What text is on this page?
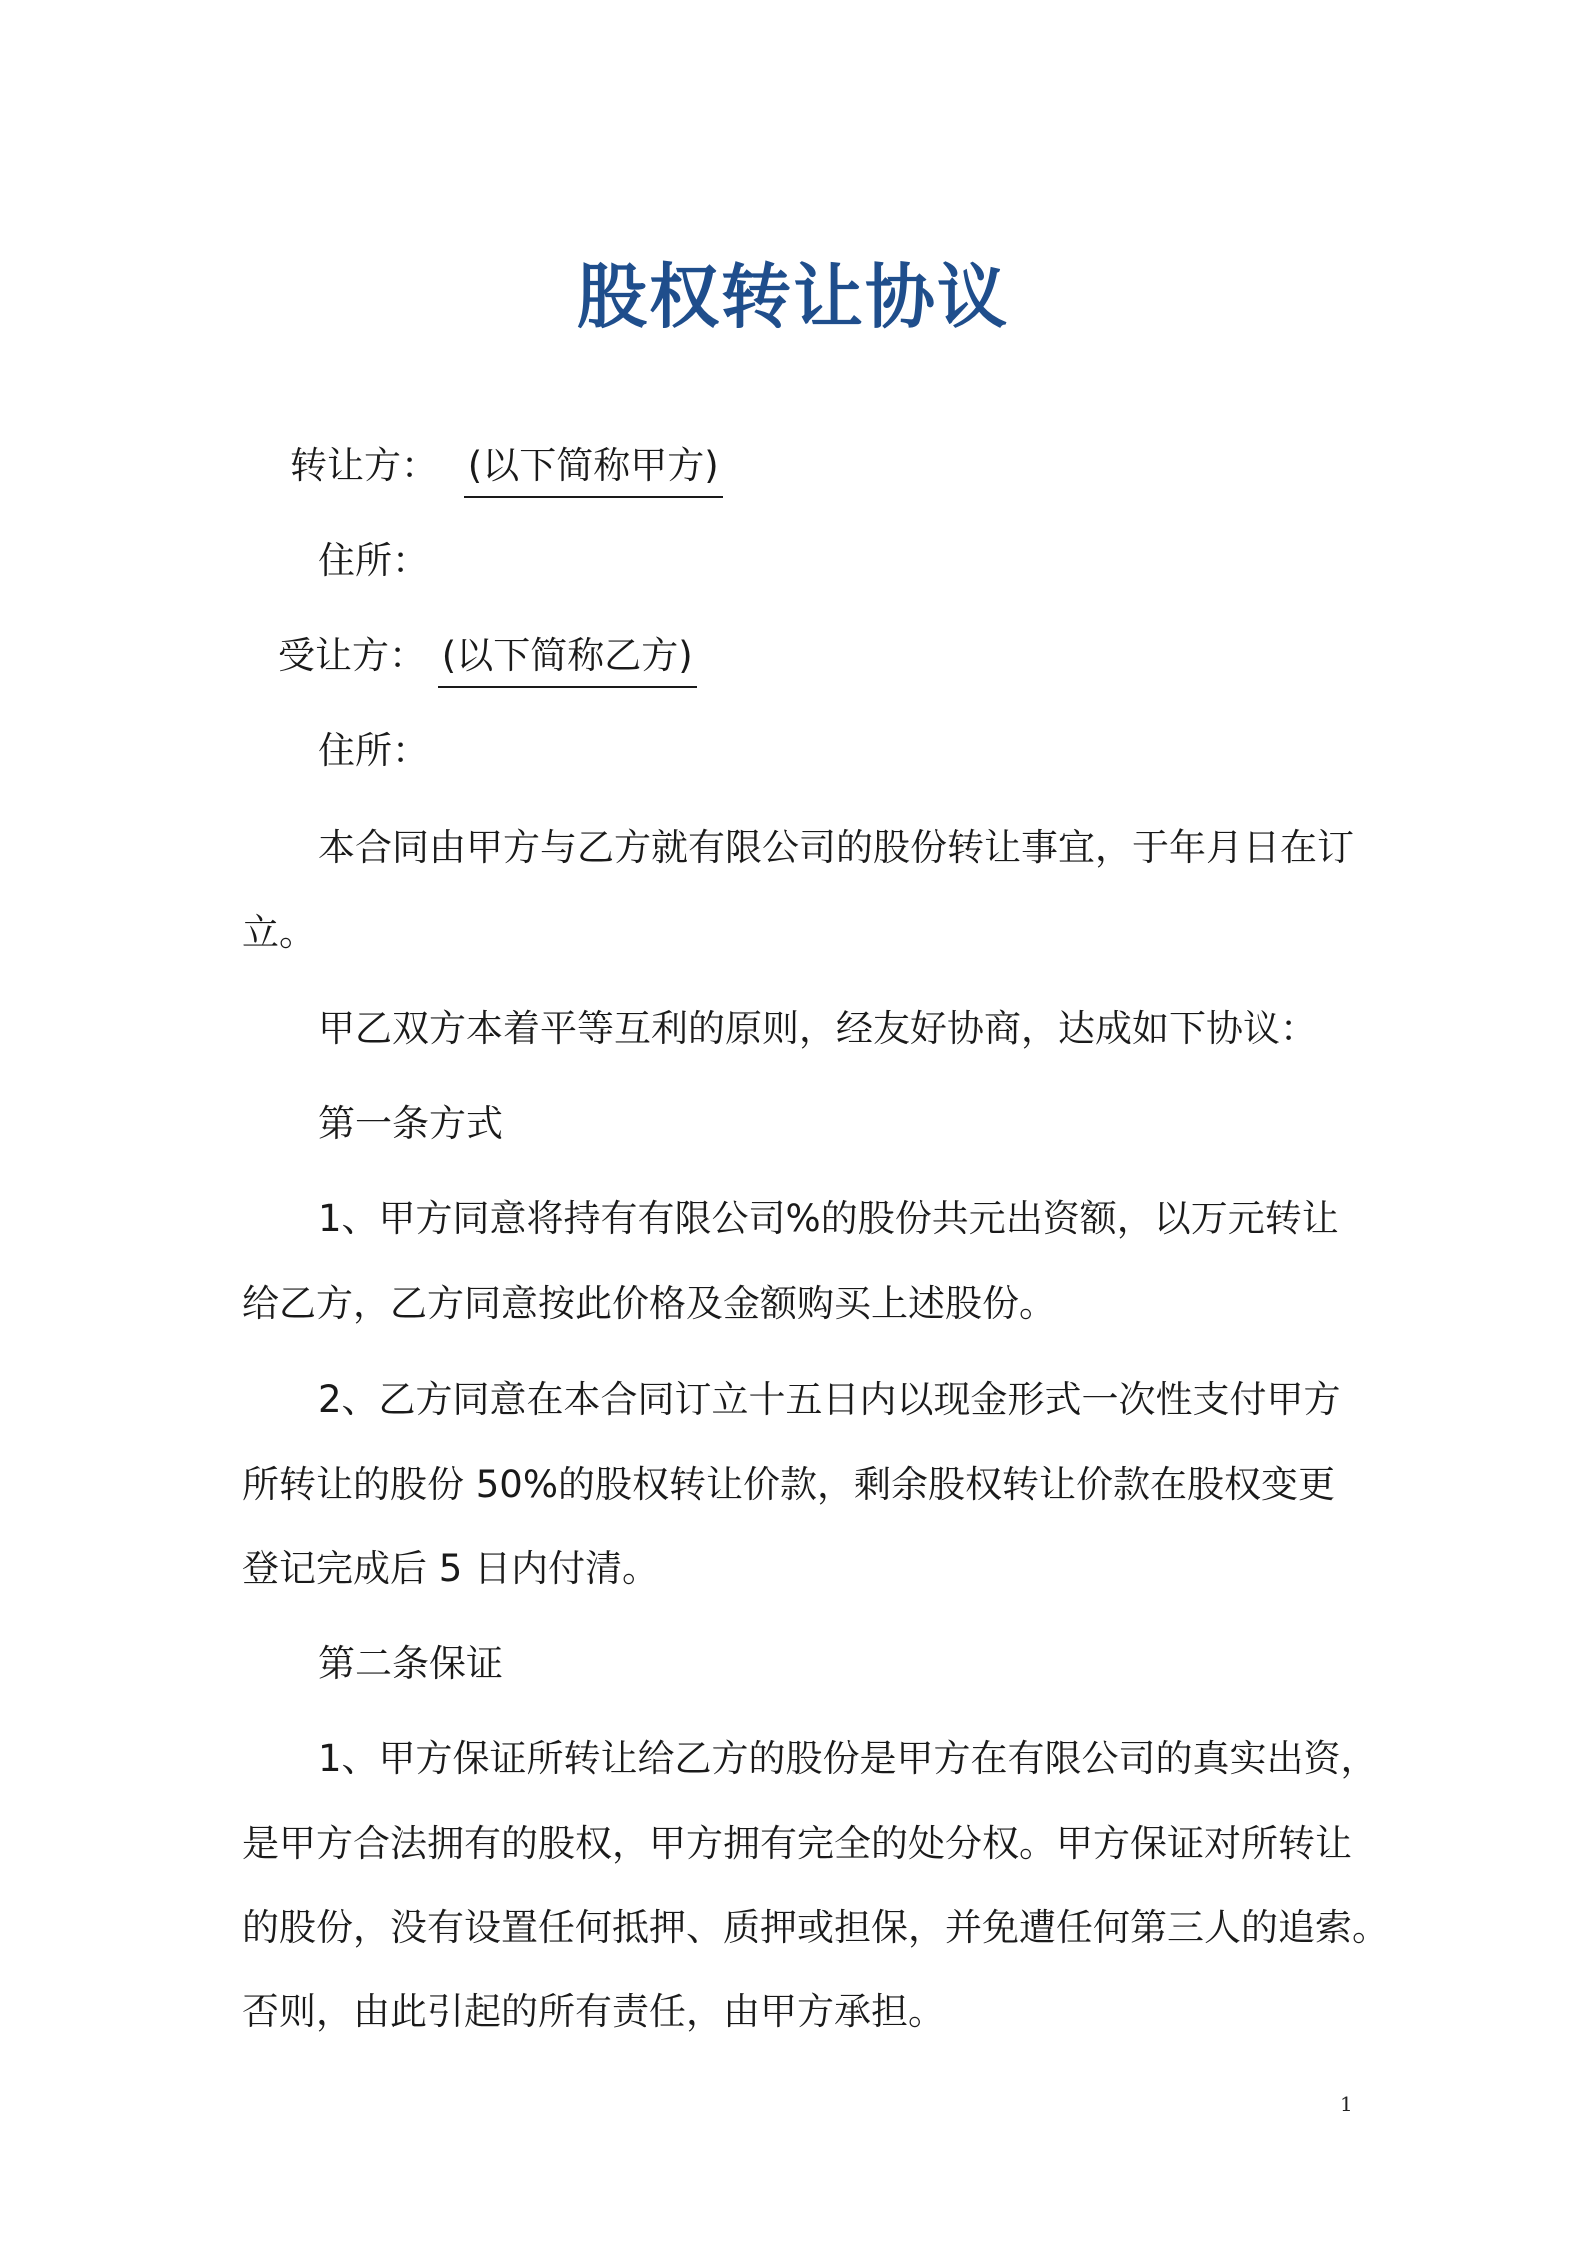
股权转让协议
转让方： (以下简称甲方)
住所：
受让方： (以下简称乙方)
住所：
本合同由甲方与乙方就有限公司的股份转让事宜，于年月日在订
立。
甲乙双方本着平等互利的原则，经友好协商，达成如下协议：
第一条方式
1、甲方同意将持有有限公司%的股份共元出资额，以万元转让
给乙方，乙方同意按此价格及金额购买上述股份。
2、乙方同意在本合同订立十五日内以现金形式一次性支付甲方
所转让的股份 50%的股权转让价款，剩余股权转让价款在股权变更
登记完成后 5 日内付清。
第二条保证
1、甲方保证所转让给乙方的股份是甲方在有限公司的真实出资，
是甲方合法拥有的股权，甲方拥有完全的处分权。甲方保证对所转让
的股份，没有设置任何抵押、质押或担保，并免遭任何第三人的追索。
否则，由此引起的所有责任，由甲方承担。
1
